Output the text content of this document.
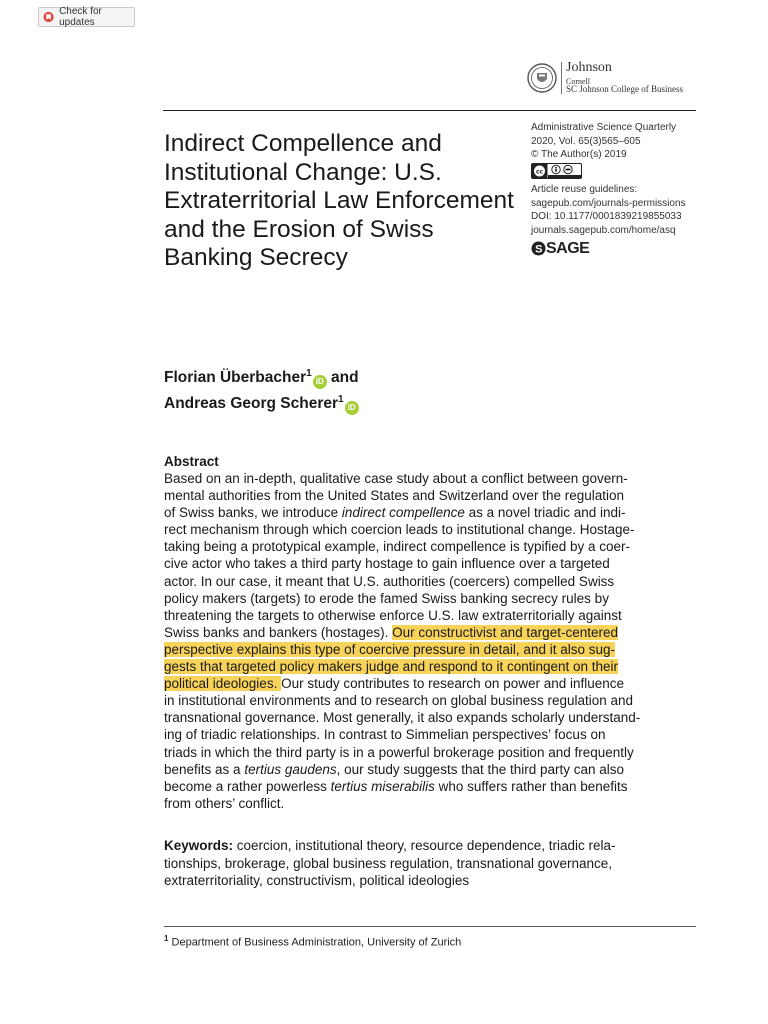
Check for updates
Johnson
Cornell
SC Johnson College of Business
Indirect Compellence and Institutional Change: U.S. Extraterritorial Law Enforcement and the Erosion of Swiss Banking Secrecy
Administrative Science Quarterly
2020, Vol. 65(3)565–605
© The Author(s) 2019
cc
Article reuse guidelines:
sagepub.com/journals-permissions
DOI: 10.1177/0001839219855033
journals.sagepub.com/home/asq
S SAGE
Florian Überbacher$^1$iD and
Andreas Georg Scherer$^1$iD
Abstract
Based on an in-depth, qualitative case study about a conflict between govern-
mental authorities from the United States and Switzerland over the regulation
of Swiss banks, we introduce indirect compellence as a novel triadic and indi-
rect mechanism through which coercion leads to institutional change. Hostage-
taking being a prototypical example, indirect compellence is typified by a coer-
cive actor who takes a third party hostage to gain influence over a targeted
actor. In our case, it meant that U.S. authorities (coercers) compelled Swiss
policy makers (targets) to erode the famed Swiss banking secrecy rules by
threatening the targets to otherwise enforce U.S. law extraterritorially against
Swiss banks and bankers (hostages). Our constructivist and target-centered
perspective explains this type of coercive pressure in detail, and it also sug-
gests that targeted policy makers judge and respond to it contingent on their
political ideologies. Our study contributes to research on power and influence
in institutional environments and to research on global business regulation and
transnational governance. Most generally, it also expands scholarly understand-
ing of triadic relationships. In contrast to Simmelian perspectives’ focus on
triads in which the third party is in a powerful brokerage position and frequently
benefits as a tertius gaudens, our study suggests that the third party can also
become a rather powerless tertius miserabilis who suffers rather than benefits
from others’ conflict.
Keywords: coercion, institutional theory, resource dependence, triadic rela-
tionships, brokerage, global business regulation, transnational governance,
extraterritoriality, constructivism, political ideologies
$^1$ Department of Business Administration, University of Zurich
